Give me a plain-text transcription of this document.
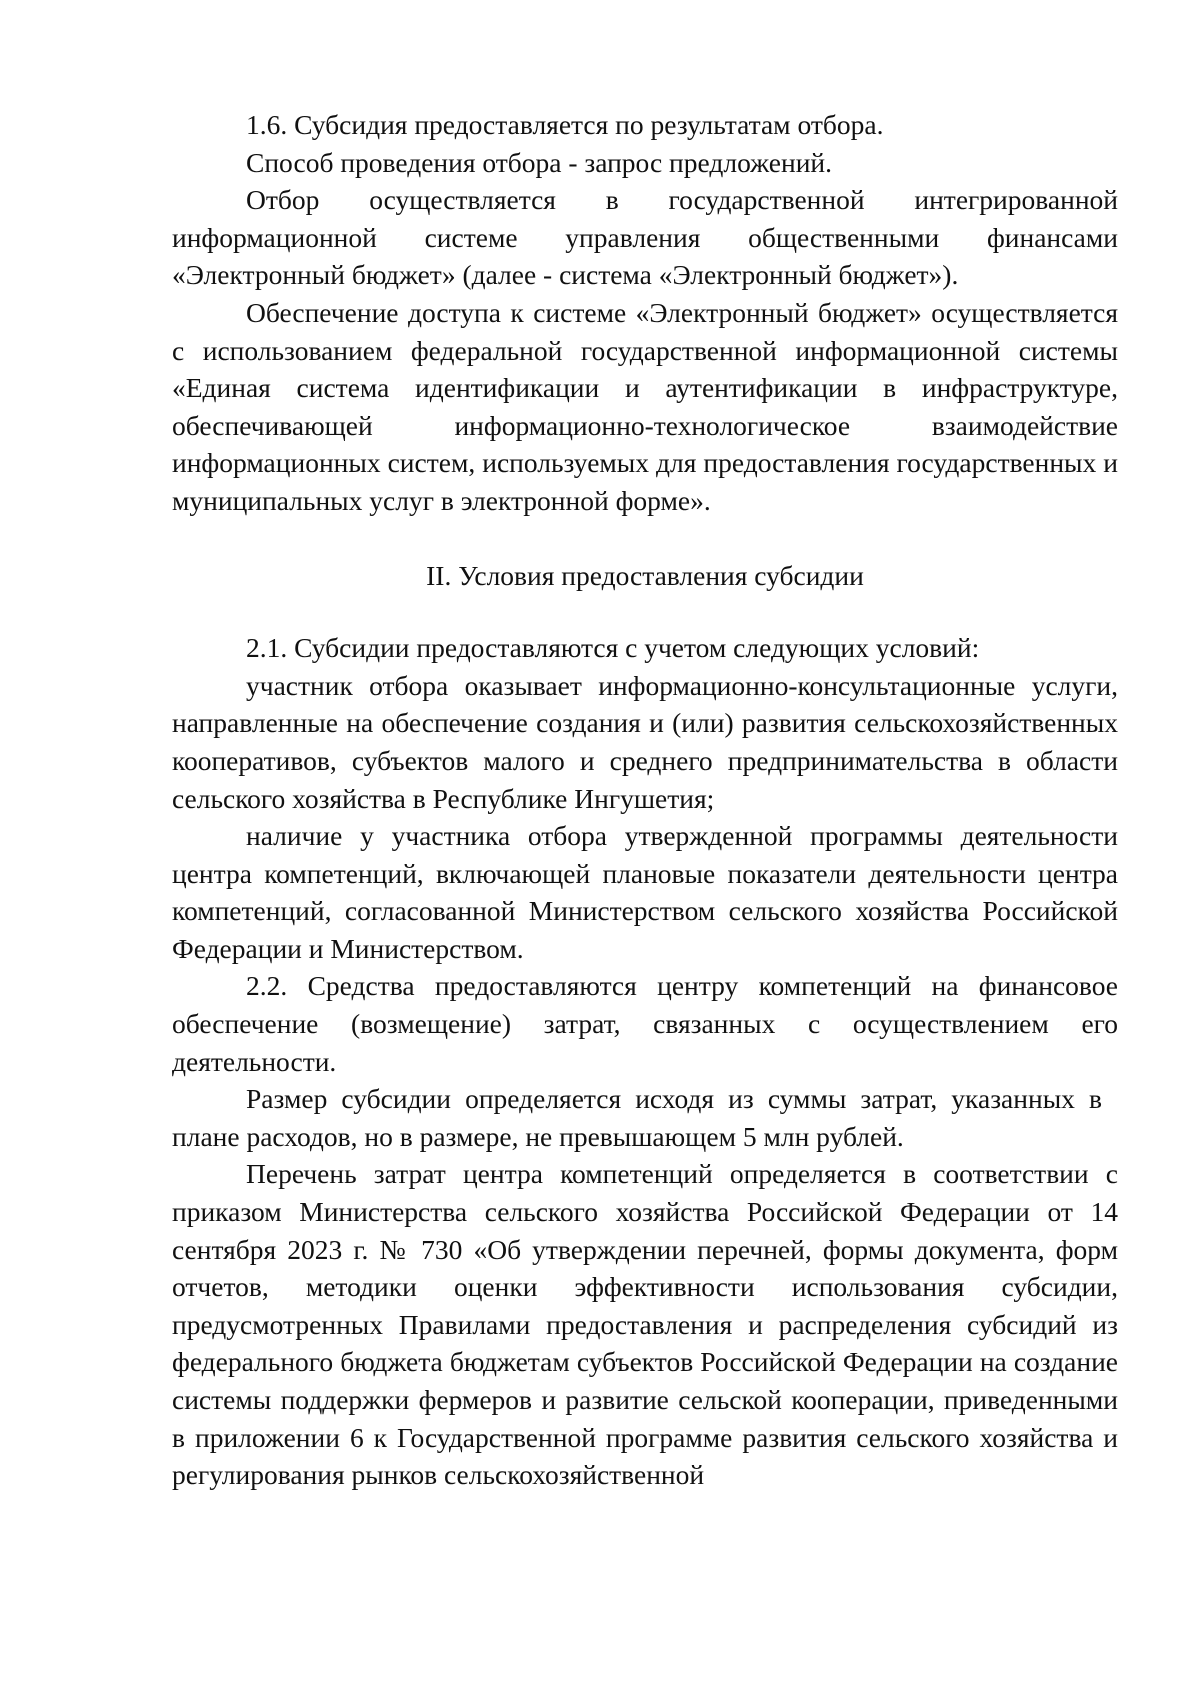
1.6. Субсидия предоставляется по результатам отбора.

Способ проведения отбора - запрос предложений.

Отбор осуществляется в государственной интегрированной информационной системе управления общественными финансами «Электронный бюджет» (далее - система «Электронный бюджет»).

Обеспечение доступа к системе «Электронный бюджет» осуществляется с использованием федеральной государственной информационной системы «Единая система идентификации и аутентификации в инфраструктуре, обеспечивающей информационно-технологическое взаимодействие информационных систем, используемых для предоставления государственных и муниципальных услуг в электронной форме».

II. Условия предоставления субсидии

2.1. Субсидии предоставляются с учетом следующих условий:

участник отбора оказывает информационно-консультационные услуги, направленные на обеспечение создания и (или) развития сельскохозяйственных кооперативов, субъектов малого и среднего предпринимательства в области сельского хозяйства в Республике Ингушетия;

наличие у участника отбора утвержденной программы деятельности центра компетенций, включающей плановые показатели деятельности центра компетенций, согласованной Министерством сельского хозяйства Российской Федерации и Министерством.

2.2. Средства предоставляются центру компетенций на финансовое обеспечение (возмещение) затрат, связанных с осуществлением его деятельности.

Размер субсидии определяется исходя из суммы затрат, указанных в плане расходов, но в размере, не превышающем 5 млн рублей.

Перечень затрат центра компетенций определяется в соответствии с приказом Министерства сельского хозяйства Российской Федерации от 14 сентября 2023 г. № 730 «Об утверждении перечней, формы документа, форм отчетов, методики оценки эффективности использования субсидии, предусмотренных Правилами предоставления и распределения субсидий из федерального бюджета бюджетам субъектов Российской Федерации на создание системы поддержки фермеров и развитие сельской кооперации, приведенными в приложении 6 к Государственной программе развития сельского хозяйства и регулирования рынков сельскохозяйственной
